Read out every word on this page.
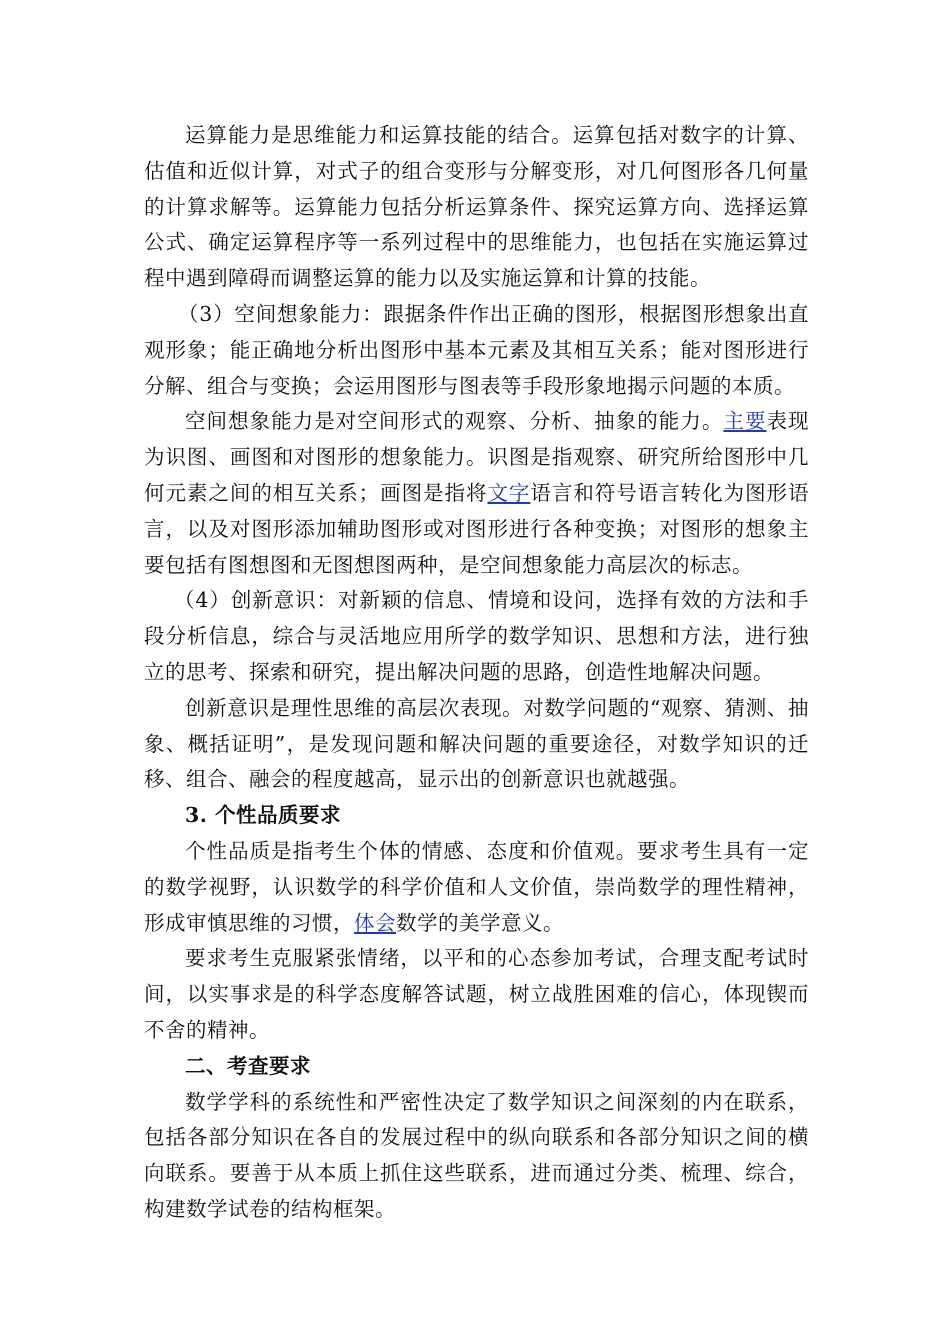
运算能力是思维能力和运算技能的结合。运算包括对数字的计算、估值和近似计算，对式子的组合变形与分解变形，对几何图形各几何量的计算求解等。运算能力包括分析运算条件、探究运算方向、选择运算公式、确定运算程序等一系列过程中的思维能力，也包括在实施运算过程中遇到障碍而调整运算的能力以及实施运算和计算的技能。

（3）空间想象能力：跟据条件作出正确的图形，根据图形想象出直观形象；能正确地分析出图形中基本元素及其相互关系；能对图形进行分解、组合与变换；会运用图形与图表等手段形象地揭示问题的本质。

空间想象能力是对空间形式的观察、分析、抽象的能力。主要表现为识图、画图和对图形的想象能力。识图是指观察、研究所给图形中几何元素之间的相互关系；画图是指将文字语言和符号语言转化为图形语言，以及对图形添加辅助图形或对图形进行各种变换；对图形的想象主要包括有图想图和无图想图两种，是空间想象能力高层次的标志。

（4）创新意识：对新颖的信息、情境和设问，选择有效的方法和手段分析信息，综合与灵活地应用所学的数学知识、思想和方法，进行独立的思考、探索和研究，提出解决问题的思路，创造性地解决问题。

创新意识是理性思维的高层次表现。对数学问题的“观察、猜测、抽象、概括证明”，是发现问题和解决问题的重要途径，对数学知识的迁移、组合、融会的程度越高，显示出的创新意识也就越强。

3. 个性品质要求

个性品质是指考生个体的情感、态度和价值观。要求考生具有一定的数学视野，认识数学的科学价值和人文价值，崇尚数学的理性精神，形成审慎思维的习惯，体会数学的美学意义。

要求考生克服紧张情绪，以平和的心态参加考试，合理支配考试时间，以实事求是的科学态度解答试题，树立战胜困难的信心，体现锲而不舍的精神。

二、考查要求

数学学科的系统性和严密性决定了数学知识之间深刻的内在联系，包括各部分知识在各自的发展过程中的纵向联系和各部分知识之间的横向联系。要善于从本质上抓住这些联系，进而通过分类、梳理、综合，构建数学试卷的结构框架。
